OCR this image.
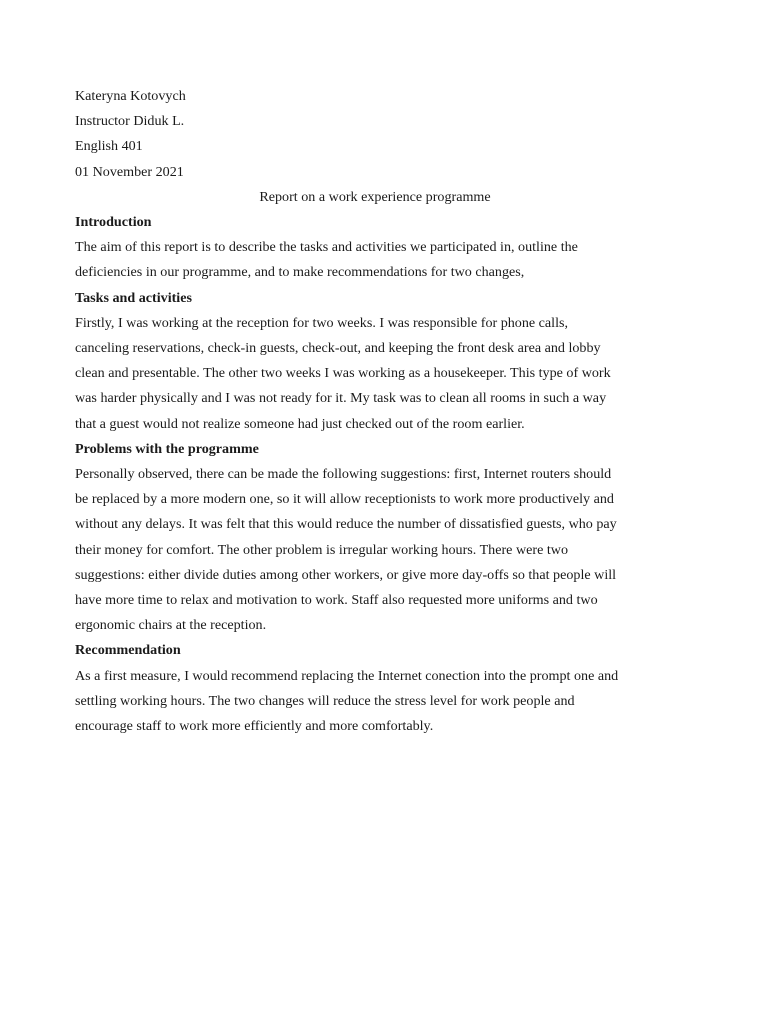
Kateryna Kotovych

Instructor Diduk L.

English 401

01 November 2021

Report on a work experience programme

Introduction

The aim of this report is to describe the tasks and activities we participated in, outline the

deficiencies in our programme, and to make recommendations for two changes,

Tasks and activities

Firstly, I was working at the reception for two weeks. I was responsible for phone calls,

canceling reservations, check-in guests, check-out, and keeping the front desk area and lobby

clean and presentable. The other two weeks I was working as a housekeeper. This type of work

was harder physically and I was not ready for it. My task was to clean all rooms in such a way

that a guest would not realize someone had just checked out of the room earlier.

Problems with the programme

Personally observed, there can be made the following suggestions: first, Internet routers should

be replaced by a more modern one, so it will allow receptionists to work more productively and

without any delays. It was felt that this would reduce the number of dissatisfied guests, who pay

their money for comfort. The other problem is irregular working hours. There were two

suggestions: either divide duties among other workers, or give more day-offs so that people will

have more time to relax and motivation to work. Staff also requested more uniforms and two

ergonomic chairs at the reception.

Recommendation

As a first measure, I would recommend replacing the Internet conection into the prompt one and

settling working hours. The two changes will reduce the stress level for work people and

encourage staff to work more efficiently and more comfortably.
